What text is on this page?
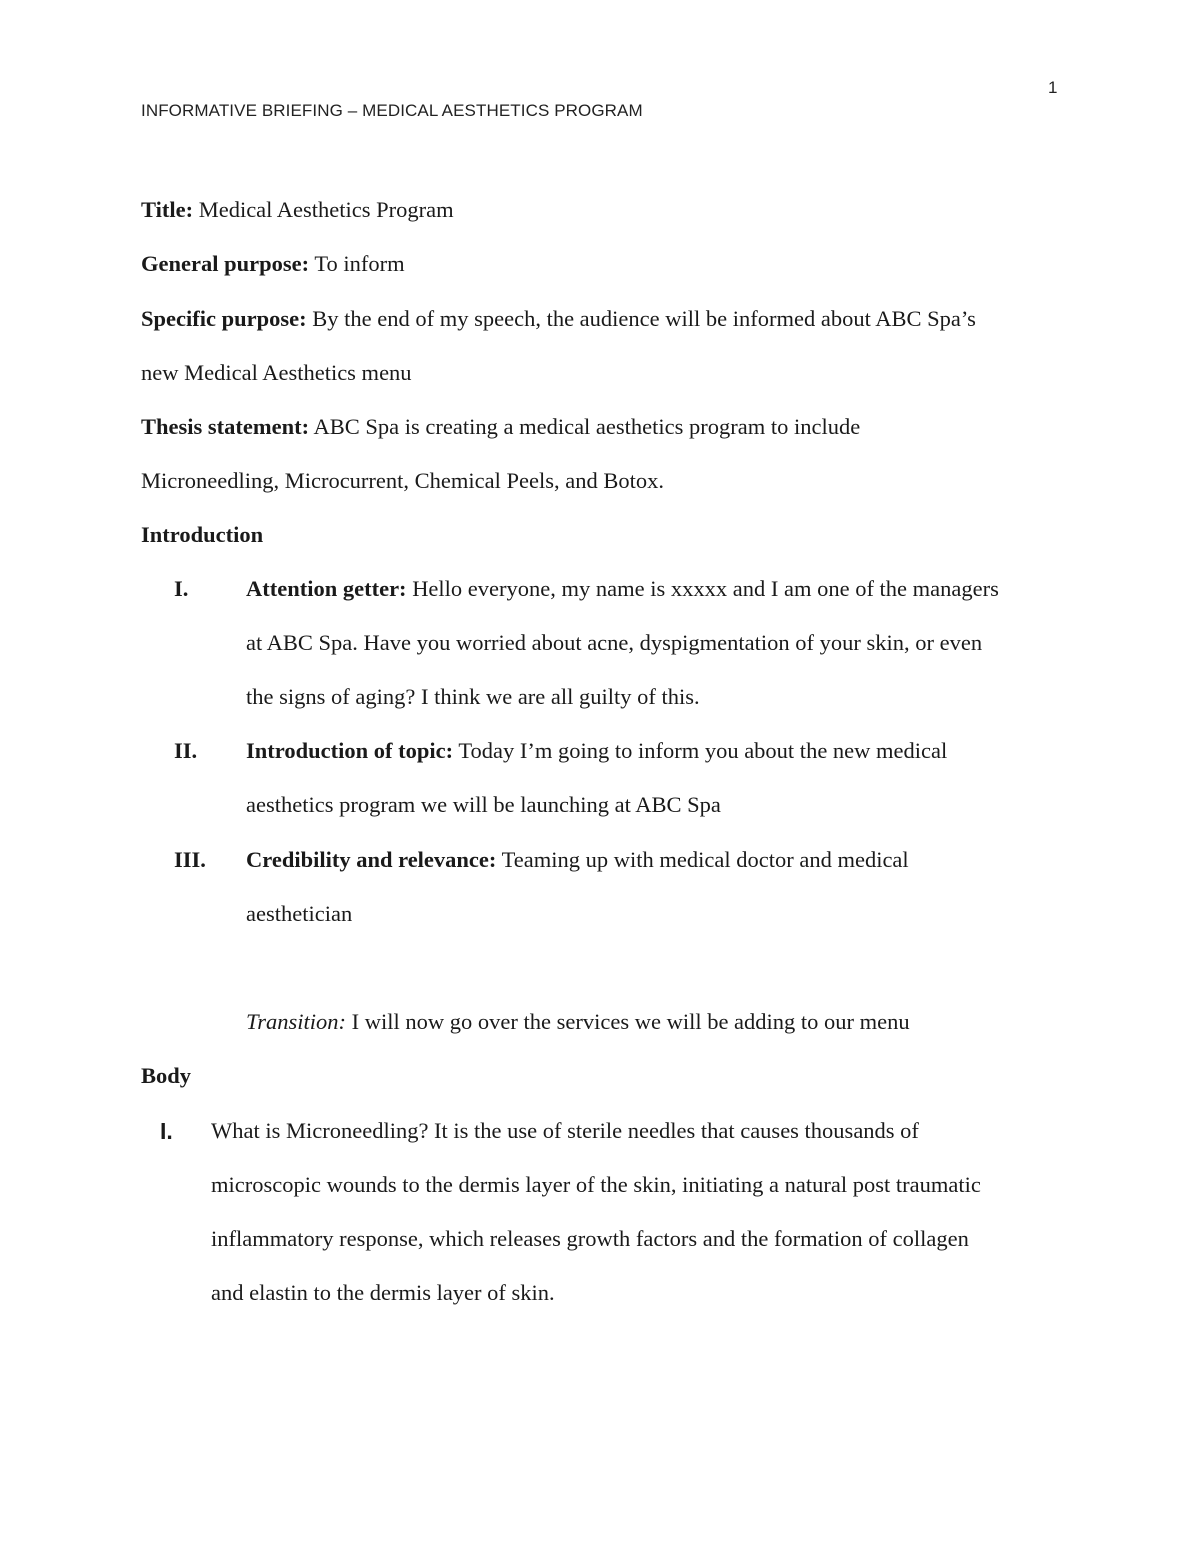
1
INFORMATIVE BRIEFING – MEDICAL AESTHETICS PROGRAM
Title: Medical Aesthetics Program
General purpose: To inform
Specific purpose: By the end of my speech, the audience will be informed about ABC Spa’s
new Medical Aesthetics menu
Thesis statement: ABC Spa is creating a medical aesthetics program to include
Microneedling, Microcurrent, Chemical Peels, and Botox.
Introduction
I.	Attention getter: Hello everyone, my name is xxxxx and I am one of the managers
at ABC Spa. Have you worried about acne, dyspigmentation of your skin, or even
the signs of aging? I think we are all guilty of this.
II. Introduction of topic: Today I’m going to inform you about the new medical
aesthetics program we will be launching at ABC Spa
III. Credibility and relevance: Teaming up with medical doctor and medical
aesthetician
Transition: I will now go over the services we will be adding to our menu
Body
I. What is Microneedling? It is the use of sterile needles that causes thousands of
microscopic wounds to the dermis layer of the skin, initiating a natural post traumatic
inflammatory response, which releases growth factors and the formation of collagen
and elastin to the dermis layer of skin.
